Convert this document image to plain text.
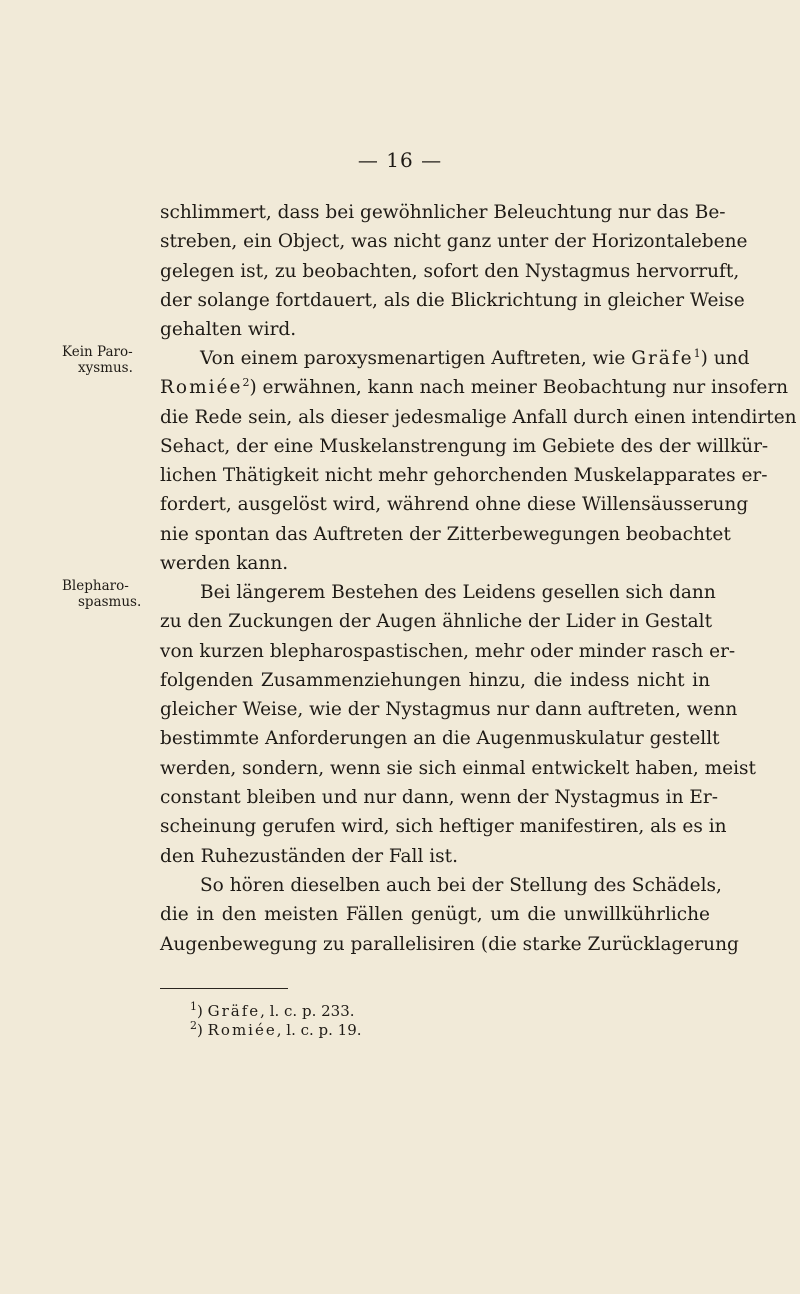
— 16 —
schlimmert, dass bei gewöhnlicher Beleuchtung nur das Be-
streben, ein Object, was nicht ganz unter der Horizontalebene
gelegen ist, zu beobachten, sofort den Nystagmus hervorruft,
der solange fortdauert, als die Blickrichtung in gleicher Weise
gehalten wird.
Kein Paro-
xysmus.	Von einem paroxysmenartigen Auftreten, wie Gräfe$^1$) und
Romiée$^2$) erwähnen, kann nach meiner Beobachtung nur insofern
die Rede sein, als dieser jedesmalige Anfall durch einen intendirten
Sehact, der eine Muskelanstrengung im Gebiete des der willkür-
lichen Thätigkeit nicht mehr gehorchenden Muskelapparates er-
fordert, ausgelöst wird, während ohne diese Willensäusserung
nie spontan das Auftreten der Zitterbewegungen beobachtet
werden kann.
Blepharo-
spasmus.	Bei längerem Bestehen des Leidens gesellen sich dann
zu den Zuckungen der Augen ähnliche der Lider in Gestalt
von kurzen blepharospastischen, mehr oder minder rasch er-
folgenden Zusammenziehungen hinzu, die indess nicht in
gleicher Weise, wie der Nystagmus nur dann auftreten, wenn
bestimmte Anforderungen an die Augenmuskulatur gestellt
werden, sondern, wenn sie sich einmal entwickelt haben, meist
constant bleiben und nur dann, wenn der Nystagmus in Er-
scheinung gerufen wird, sich heftiger manifestiren, als es in
den Ruhezuständen der Fall ist.
So hören dieselben auch bei der Stellung des Schädels,
die in den meisten Fällen genügt, um die unwillkührliche
Augenbewegung zu parallelisiren (die starke Zurücklagerung
$^1$) Gräfe, l. c. p. 233.
$^2$) Romiée, l. c. p. 19.
